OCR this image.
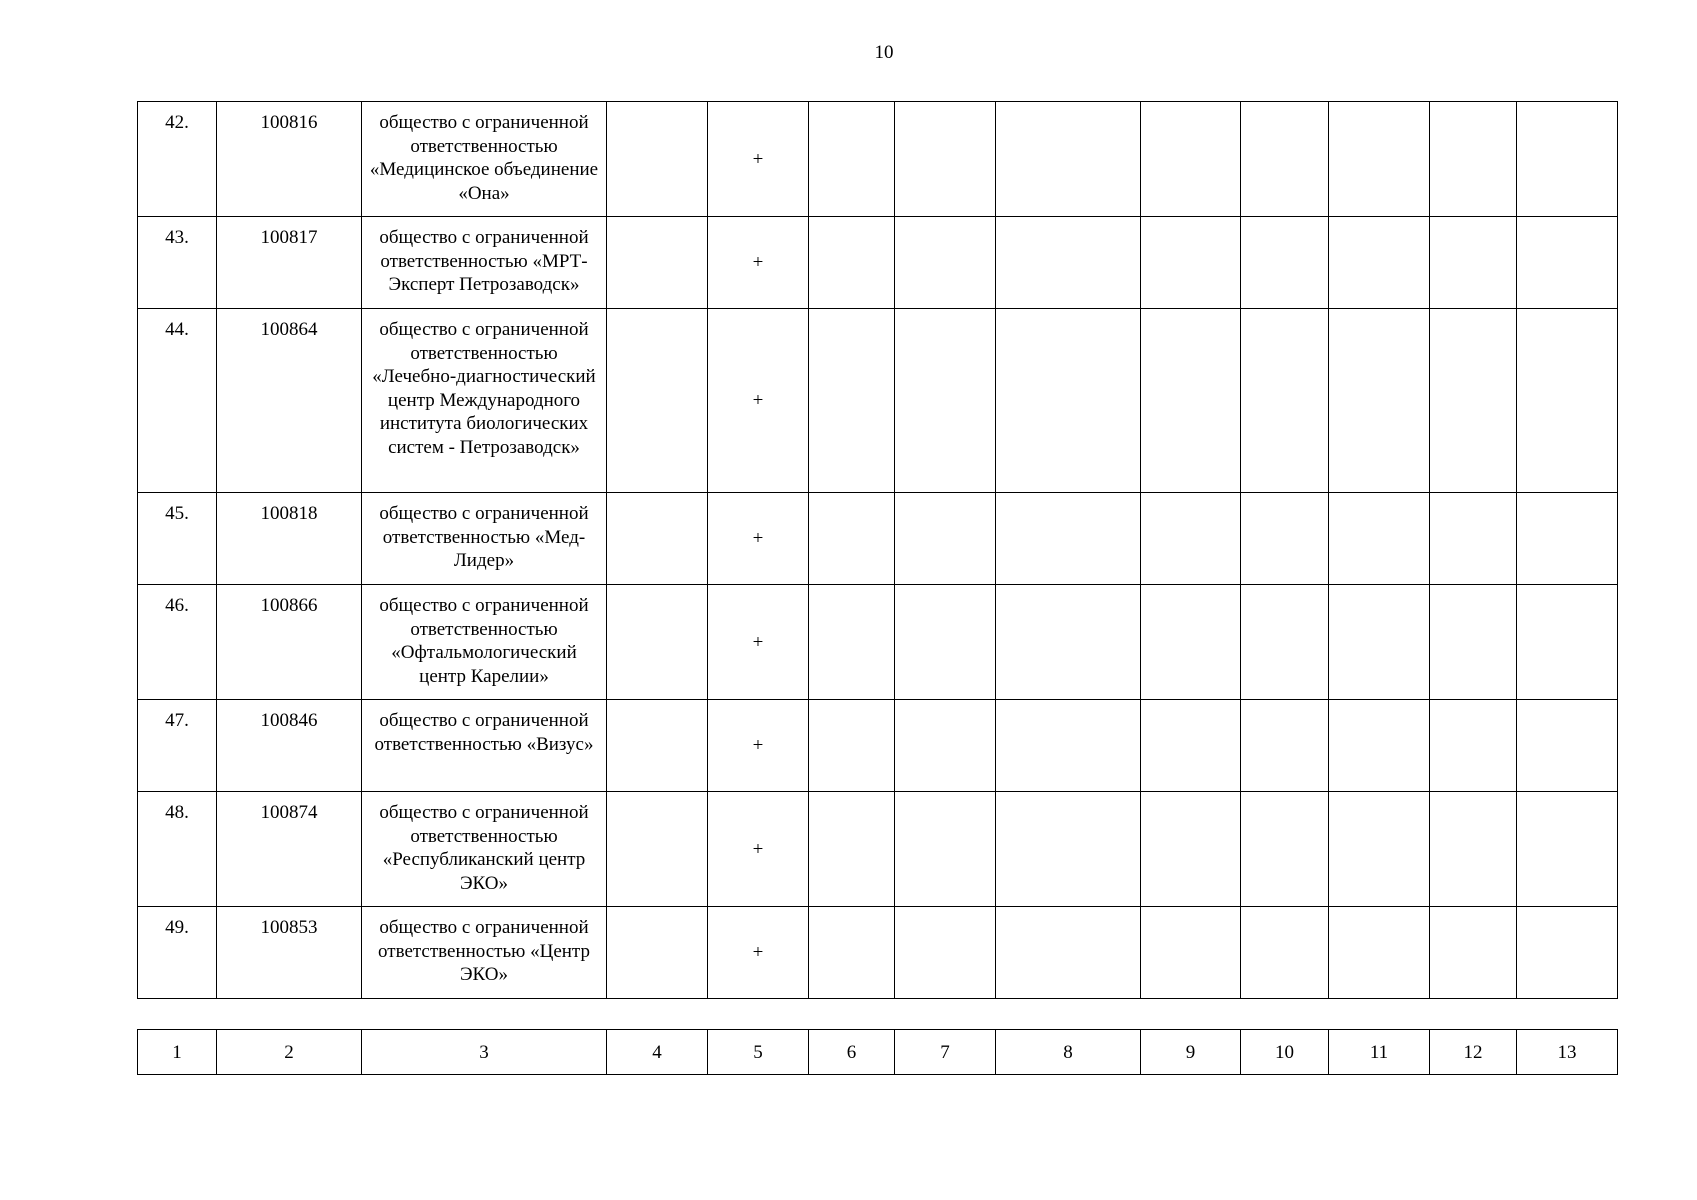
10
42.	100816	общество с ограниченной ответственностью «Медицинское объединение «Она»		+								
43.	100817	общество с ограниченной ответственностью «МРТ-Эксперт Петрозаводск»		+								
44.	100864	общество с ограниченной ответственностью «Лечебно-диагностический центр Международного института биологических систем - Петрозаводск»		+								
45.	100818	общество с ограниченной ответственностью «Мед-Лидер»		+								
46.	100866	общество с ограниченной ответственностью «Офтальмологический центр Карелии»		+								
47.	100846	общество с ограниченной ответственностью «Визус»		+								
48.	100874	общество с ограниченной ответственностью «Республиканский центр ЭКО»		+								
49.	100853	общество с ограниченной ответственностью «Центр ЭКО»		+								
1	2	3	4	5	6	7	8	9	10	11	12	13
